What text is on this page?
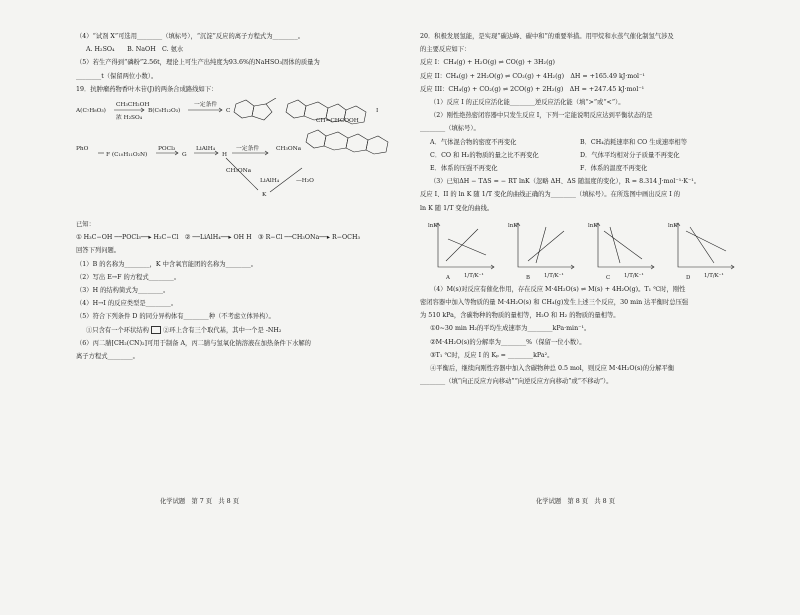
（4）“试剂 X”可选用________（填标号），“沉淀”反应的离子方程式为________。
A. H₂SO₄　　B. NaOH　C. 氨水
（5）若生产得到“磷粉”2.56t，理论上可生产出纯度为93.6%的NaHSO₃固体的质量为
________t（保留两位小数）。
19．抗肿瘤药物香叶木苷(J)的两条合成路线如下：
A(C₇H₈O₃)
CH₃CH₂OH
浓 H₂SO₄
B(C₉H₁₂O₃)
一定条件
C
CH=CHCOOH
I
PhO
F (C₁₀H₁₁O₂N)
POCl₃
G
LiAlH₄
H
一定条件	CH₃ONa
CH₃ONa
K
LiAlH₄	—H₂O
已知：
① H₃C−OH ──POCl₃──▸ H₃C−Cl　② ──LiAlH₄──▸ OH H　③ R−Cl ──CH₃ONa──▸ R−OCH₃
回答下列问题。
（1）B 的名称为________，K 中含氧官能团的名称为________。
（2）写出 E→F 的方程式________。
（3）H 的结构简式为________。
（4）H→I 的反应类型是________。
（5）符合下列条件 D 的同分异构体有________种（不考虑立体异构）。
①只含有一个环状结构 ②环上含有三个取代基，其中一个是 -NH₂
（6）丙二腈[CH₂(CN)₂]可用于制备 A，丙二腈与氢氧化钠溶液在加热条件下水解的
离子方程式________。
20．积极发展氢能，是实现“碳达峰、碳中和”的重要举措。用甲烷和水蒸气催化制氢气涉及
的主要反应如下：
反应 I：CH₄(g) + H₂O(g) ⇌ CO(g) + 3H₂(g)
反应 II：CH₄(g) + 2H₂O(g) ⇌ CO₂(g) + 4H₂(g)　ΔH = +165.49 kJ·mol⁻¹
反应 III：CH₄(g) + CO₂(g) ⇌ 2CO(g) + 2H₂(g)　ΔH = +247.45 kJ·mol⁻¹
（1）反应 I 的正反应活化能________逆反应活化能（填“>”或“<”）。
（2）刚性绝热密闭容器中只发生反应 I，下列一定能说明反应达到平衡状态的是
________（填标号）。
A．气体混合物的密度不再变化	B．CH₄消耗速率和 CO 生成速率相等
C．CO 和 H₂的物质的量之比不再变化	D．气体平均相对分子质量不再变化
E．体系的压强不再变化	F．体系的温度不再变化
（3）已知ΔH − TΔS = − RT lnK（忽略 ΔH、ΔS 随温度的变化），R = 8.314 J·mol⁻¹·K⁻¹。
反应 I、II 的 ln K 随 1/T 变化的曲线正确的为________（填标号）。在所选图中画出反应 I 的
ln K 随 1/T 变化的曲线。
lnK	lnK	lnK	lnK
1/T/K⁻¹	1/T/K⁻¹	1/T/K⁻¹	1/T/K⁻¹
A	B	C	D
（4）M(s)对反应有催化作用，存在反应 M·4H₂O(s) ⇌ M(s) + 4H₂O(g)。T₁ ℃时，刚性
密闭容器中加入等物质的量 M·4H₂O(s) 和 CH₄(g)发生上述三个反应，30 min 达平衡时总压强
为 510 kPa，含碳物种的物质的量相等，H₂O 和 H₂ 的物质的量相等。
①0~30 min H₂的平均生成速率为________kPa·min⁻¹。
②M·4H₂O(s)的分解率为________%（保留一位小数）。
③T₁ ℃时，反应 I 的 Kₚ = ________kPa²。
④平衡后，继续向刚性容器中加入含碳物种总 0.5 mol，则反应 M·4H₂O(s)的分解平衡
________（填“向正反应方向移动”“向逆反应方向移动”或“不移动”）。
化学试题　第 7 页　共 8 页	化学试题　第 8 页　共 8 页
